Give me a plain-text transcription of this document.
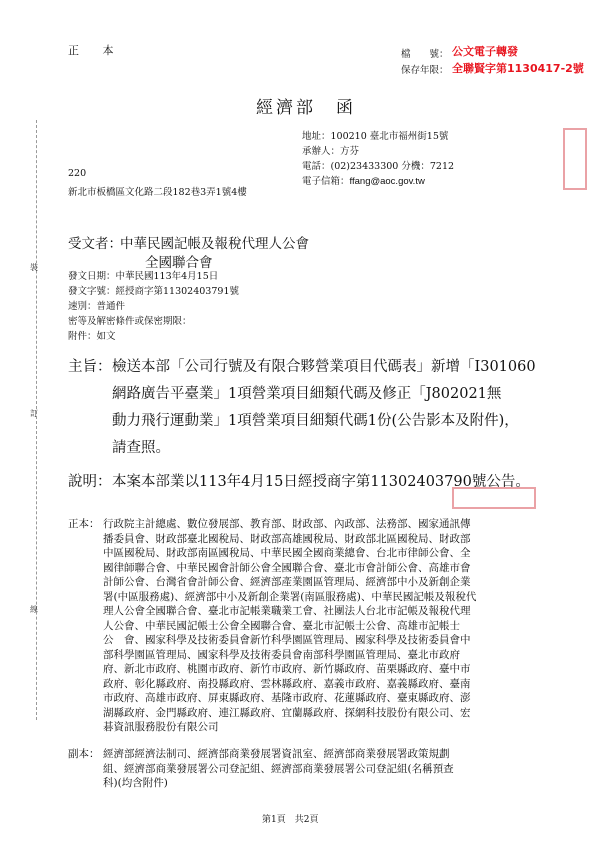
正 本	檔　　號： 公文電子轉發
保存年限： 全聯賢字第1130417-2號
經濟部　函
地址：100210 臺北市福州街15號
承辦人：方芬
電話：(02)23433300 分機：7212
電子信箱：ffang@aoc.gov.tw
220
新北市板橋區文化路二段182巷3弄1號4樓
受文者：
中華民國記帳及報稅代理人公會
全國聯合會
發文日期：中華民國113年4月15日
發文字號：經授商字第11302403791號
速別：普通件
密等及解密條件或保密期限：
附件：如文
主旨： 檢送本部「公司行號及有限合夥營業項目代碼表」新增「I301060
網路廣告平臺業」1項營業項目細類代碼及修正「J802021無
動力飛行運動業」1項營業項目細類代碼1份(公告影本及附件)，
請查照。
說明： 本案本部業以113年4月15日經授商字第11302403790號公告。
正本： 行政院主計總處、數位發展部、教育部、財政部、內政部、法務部、國家通訊傳
播委員會、財政部臺北國稅局、財政部高雄國稅局、財政部北區國稅局、財政部
中區國稅局、財政部南區國稅局、中華民國全國商業總會、台北市律師公會、全
國律師聯合會、中華民國會計師公會全國聯合會、臺北市會計師公會、高雄市會
計師公會、台灣省會計師公會、經濟部產業園區管理局、經濟部中小及新創企業
署(中區服務處)、經濟部中小及新創企業署(南區服務處)、中華民國記帳及報稅代
理人公會全國聯合會、臺北市記帳業職業工會、社團法人台北市記帳及報稅代理
人公會、中華民國記帳士公會全國聯合會、臺北市記帳士公會、高雄市記帳士
公　會、國家科學及技術委員會新竹科學園區管理局、國家科學及技術委員會中
部科學園區管理局、國家科學及技術委員會南部科學園區管理局、臺北市政府
府、新北市政府、桃園市政府、新竹市政府、新竹縣政府、苗栗縣政府、臺中市
政府、彰化縣政府、南投縣政府、雲林縣政府、嘉義市政府、嘉義縣政府、臺南
市政府、高雄市政府、屏東縣政府、基隆市政府、花蓮縣政府、臺東縣政府、澎
湖縣政府、金門縣政府、連江縣政府、宜蘭縣政府、探網科技股份有限公司、宏
碁資訊服務股份有限公司
副本： 經濟部經濟法制司、經濟部商業發展署資訊室、經濟部商業發展署政策規劃
組、經濟部商業發展署公司登記組、經濟部商業發展署公司登記組(名稱預查
科)(均含附件)
第1頁　共2頁
裝
訂
線
